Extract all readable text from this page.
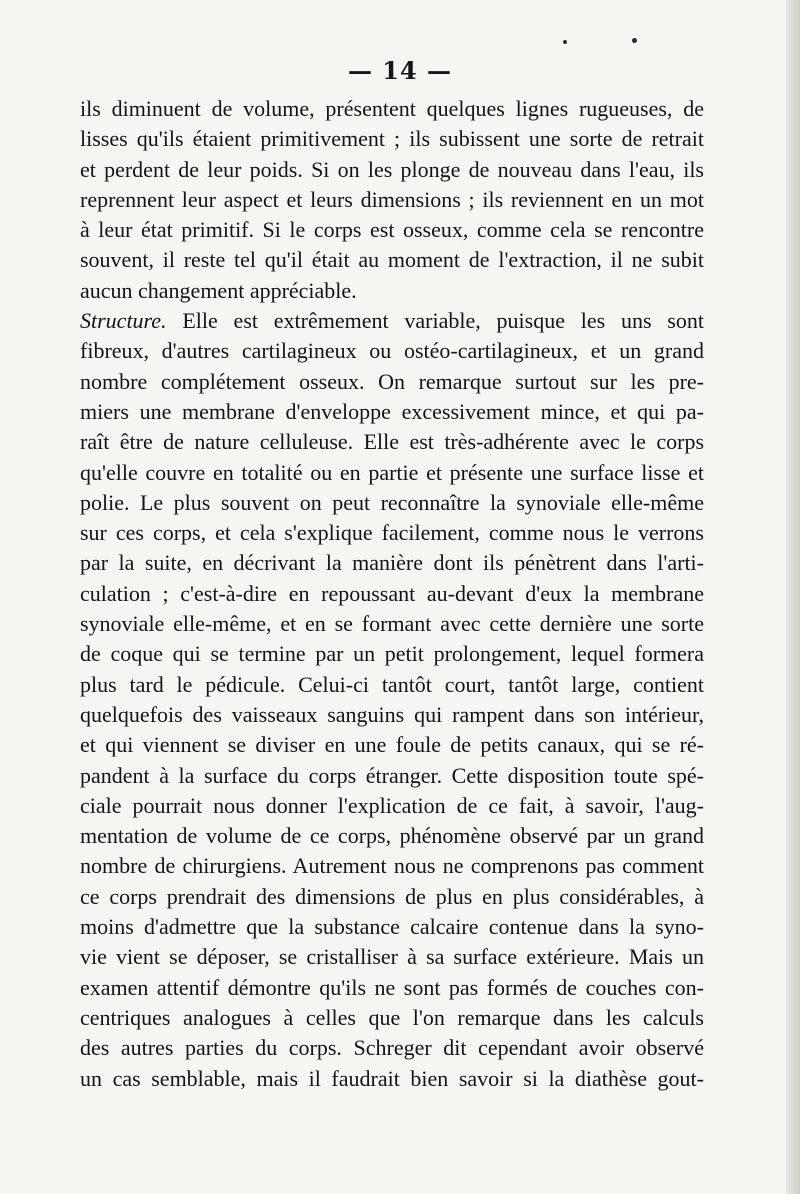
— 14 —
ils diminuent de volume, présentent quelques lignes rugueuses, de
lisses qu'ils étaient primitivement ; ils subissent une sorte de retrait
et perdent de leur poids. Si on les plonge de nouveau dans l'eau, ils
reprennent leur aspect et leurs dimensions ; ils reviennent en un mot
à leur état primitif. Si le corps est osseux, comme cela se rencontre
souvent, il reste tel qu'il était au moment de l'extraction, il ne subit
aucun changement appréciable.
Structure. Elle est extrêmement variable, puisque les uns sont
fibreux, d'autres cartilagineux ou ostéo-cartilagineux, et un grand
nombre complétement osseux. On remarque surtout sur les pre-
miers une membrane d'enveloppe excessivement mince, et qui pa-
raît être de nature celluleuse. Elle est très-adhérente avec le corps
qu'elle couvre en totalité ou en partie et présente une surface lisse et
polie. Le plus souvent on peut reconnaître la synoviale elle-même
sur ces corps, et cela s'explique facilement, comme nous le verrons
par la suite, en décrivant la manière dont ils pénètrent dans l'arti-
culation ; c'est-à-dire en repoussant au-devant d'eux la membrane
synoviale elle-même, et en se formant avec cette dernière une sorte
de coque qui se termine par un petit prolongement, lequel formera
plus tard le pédicule. Celui-ci tantôt court, tantôt large, contient
quelquefois des vaisseaux sanguins qui rampent dans son intérieur,
et qui viennent se diviser en une foule de petits canaux, qui se ré-
pandent à la surface du corps étranger. Cette disposition toute spé-
ciale pourrait nous donner l'explication de ce fait, à savoir, l'aug-
mentation de volume de ce corps, phénomène observé par un grand
nombre de chirurgiens. Autrement nous ne comprenons pas comment
ce corps prendrait des dimensions de plus en plus considérables, à
moins d'admettre que la substance calcaire contenue dans la syno-
vie vient se déposer, se cristalliser à sa surface extérieure. Mais un
examen attentif démontre qu'ils ne sont pas formés de couches con-
centriques analogues à celles que l'on remarque dans les calculs
des autres parties du corps. Schreger dit cependant avoir observé
un cas semblable, mais il faudrait bien savoir si la diathèse gout-
